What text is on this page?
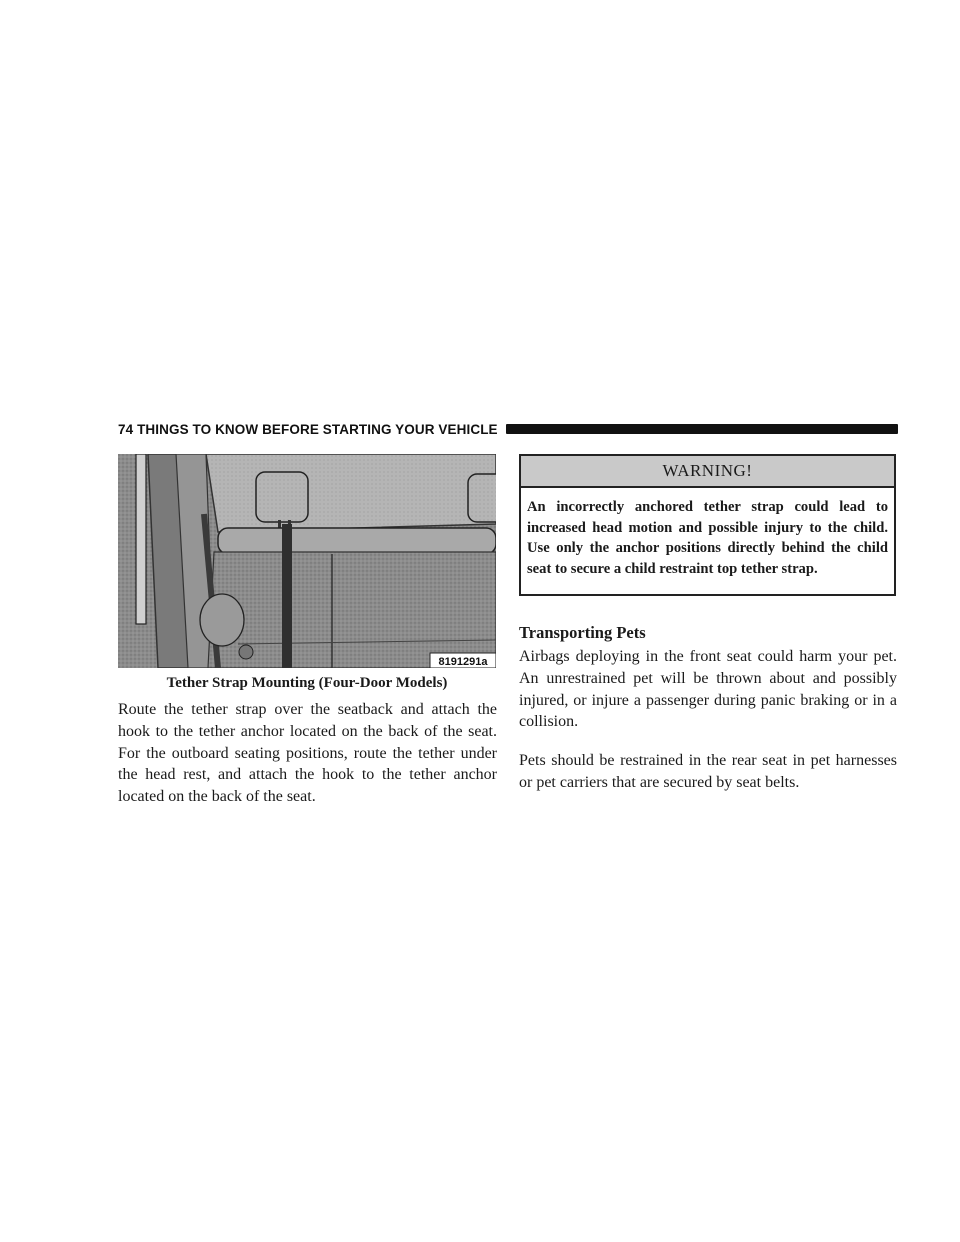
74 THINGS TO KNOW BEFORE STARTING YOUR VEHICLE
8191291a
Tether Strap Mounting (Four-Door Models)

Route the tether strap over the seatback and attach the hook to the tether anchor located on the back of the seat. For the outboard seating positions, route the tether under the head rest, and attach the hook to the tether anchor located on the back of the seat.

WARNING!
An incorrectly anchored tether strap could lead to increased head motion and possible injury to the child. Use only the anchor positions directly behind the child seat to secure a child restraint top tether strap.
Transporting Pets

Airbags deploying in the front seat could harm your pet. An unrestrained pet will be thrown about and possibly injured, or injure a passenger during panic braking or in a collision.

Pets should be restrained in the rear seat in pet harnesses or pet carriers that are secured by seat belts.
